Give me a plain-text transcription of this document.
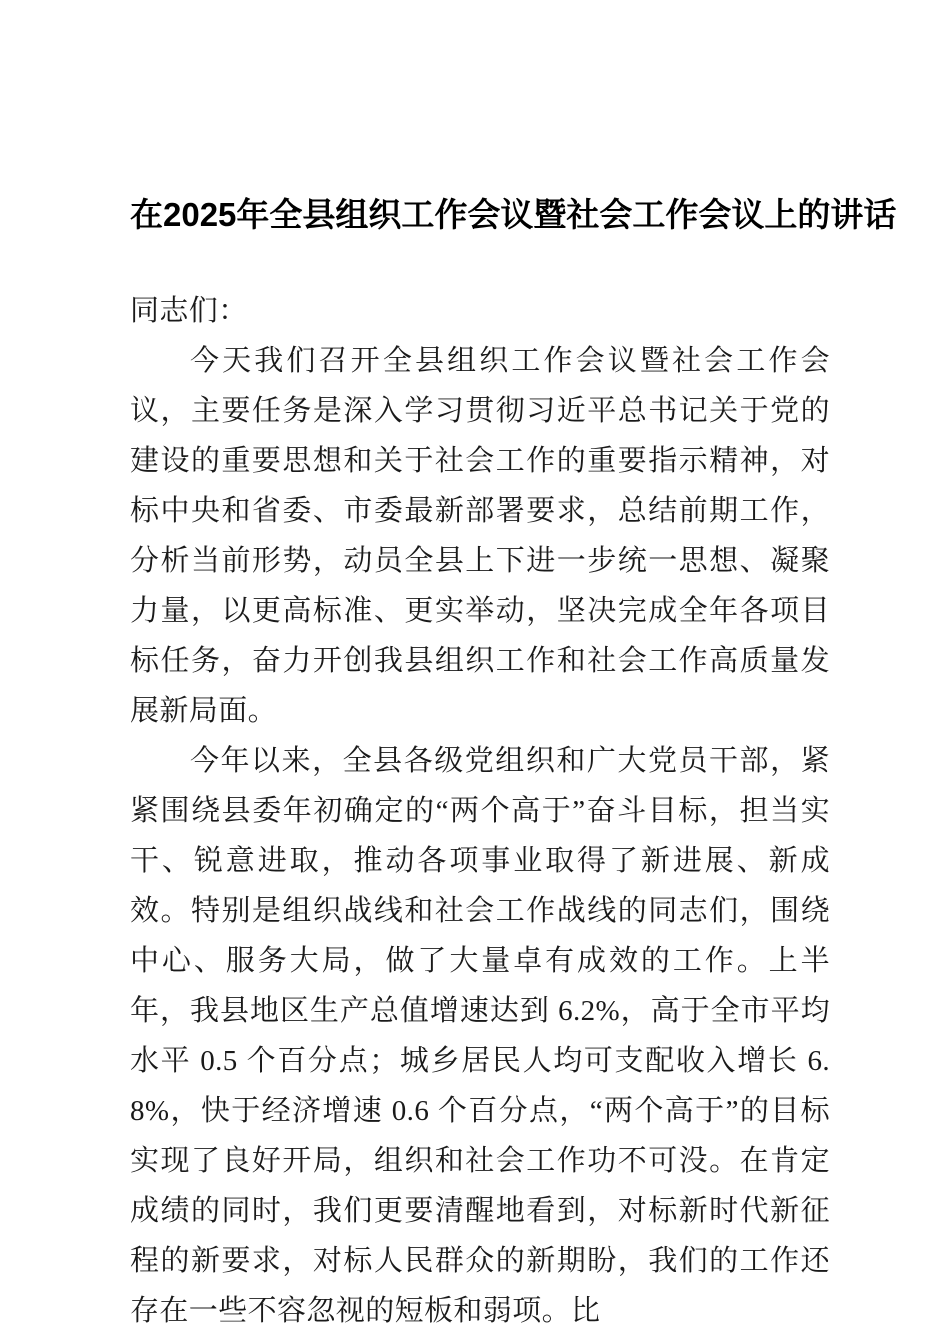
在2025年全县组织工作会议暨社会工作会议上的讲话

同志们：

今天我们召开全县组织工作会议暨社会工作会议，主要任务是深入学习贯彻习近平总书记关于党的建设的重要思想和关于社会工作的重要指示精神，对标中央和省委、市委最新部署要求，总结前期工作，分析当前形势，动员全县上下进一步统一思想、凝聚力量，以更高标准、更实举动，坚决完成全年各项目标任务，奋力开创我县组织工作和社会工作高质量发展新局面。

今年以来，全县各级党组织和广大党员干部，紧紧围绕县委年初确定的“两个高于”奋斗目标，担当实干、锐意进取，推动各项事业取得了新进展、新成效。特别是组织战线和社会工作战线的同志们，围绕中心、服务大局，做了大量卓有成效的工作。上半年，我县地区生产总值增速达到 6.2%，高于全市平均水平 0.5 个百分点；城乡居民人均可支配收入增长 6.8%，快于经济增速 0.6 个百分点，“两个高于”的目标实现了良好开局，组织和社会工作功不可没。在肯定成绩的同时，我们更要清醒地看到，对标新时代新征程的新要求，对标人民群众的新期盼，我们的工作还存在一些不容忽视的短板和弱项。比
